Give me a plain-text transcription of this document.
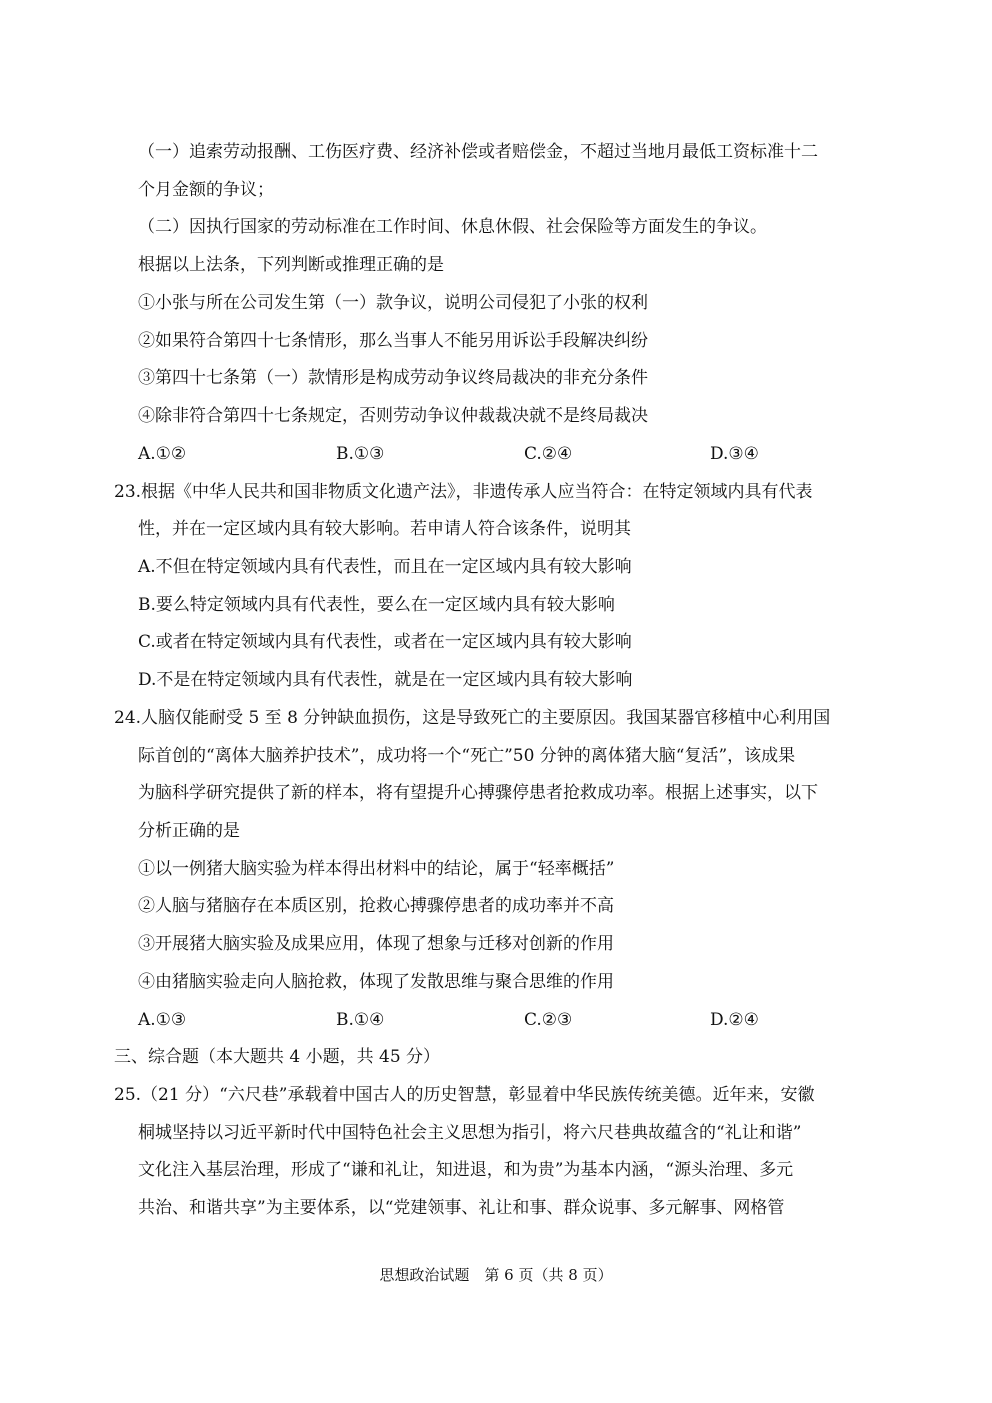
（一）追索劳动报酬、工伤医疗费、经济补偿或者赔偿金，不超过当地月最低工资标准十二
个月金额的争议；
（二）因执行国家的劳动标准在工作时间、休息休假、社会保险等方面发生的争议。
根据以上法条，下列判断或推理正确的是
①小张与所在公司发生第（一）款争议，说明公司侵犯了小张的权利
②如果符合第四十七条情形，那么当事人不能另用诉讼手段解决纠纷
③第四十七条第（一）款情形是构成劳动争议终局裁决的非充分条件
④除非符合第四十七条规定，否则劳动争议仲裁裁决就不是终局裁决
A.①②	B.①③	C.②④	D.③④
23.根据《中华人民共和国非物质文化遗产法》，非遗传承人应当符合：在特定领域内具有代表
性，并在一定区域内具有较大影响。若申请人符合该条件，说明其
A.不但在特定领域内具有代表性，而且在一定区域内具有较大影响
B.要么特定领域内具有代表性，要么在一定区域内具有较大影响
C.或者在特定领域内具有代表性，或者在一定区域内具有较大影响
D.不是在特定领域内具有代表性，就是在一定区域内具有较大影响
24.人脑仅能耐受 5 至 8 分钟缺血损伤，这是导致死亡的主要原因。我国某器官移植中心利用国
际首创的“离体大脑养护技术”，成功将一个“死亡”50 分钟的离体猪大脑“复活”，该成果
为脑科学研究提供了新的样本，将有望提升心搏骤停患者抢救成功率。根据上述事实，以下
分析正确的是
①以一例猪大脑实验为样本得出材料中的结论，属于“轻率概括”
②人脑与猪脑存在本质区别，抢救心搏骤停患者的成功率并不高
③开展猪大脑实验及成果应用，体现了想象与迁移对创新的作用
④由猪脑实验走向人脑抢救，体现了发散思维与聚合思维的作用
A.①③	B.①④	C.②③	D.②④
三、综合题（本大题共 4 小题，共 45 分）
25.（21 分）“六尺巷”承载着中国古人的历史智慧，彰显着中华民族传统美德。近年来，安徽
桐城坚持以习近平新时代中国特色社会主义思想为指引，将六尺巷典故蕴含的“礼让和谐”
文化注入基层治理，形成了“谦和礼让，知进退，和为贵”为基本内涵，“源头治理、多元
共治、和谐共享”为主要体系，以“党建领事、礼让和事、群众说事、多元解事、网格管
思想政治试题　第 6 页（共 8 页）
